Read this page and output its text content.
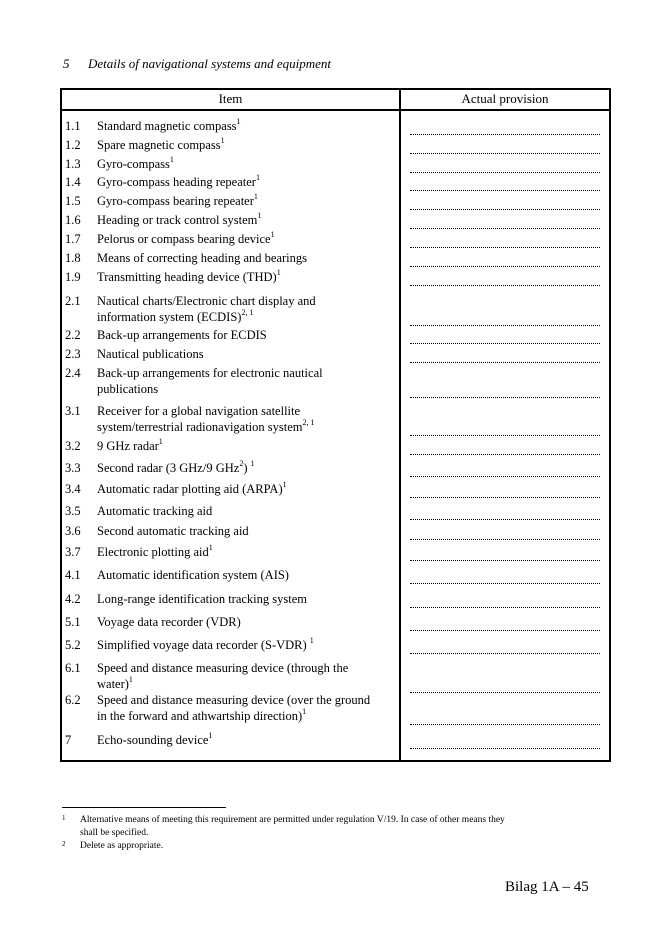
5 Details of navigational systems and equipment
Item	Actual provision
1.1 Standard magnetic compass$^1$
1.2 Spare magnetic compass$^1$
1.3 Gyro-compass$^1$
1.4 Gyro-compass heading repeater$^1$
1.5 Gyro-compass bearing repeater$^1$
1.6 Heading or track control system$^1$
1.7 Pelorus or compass bearing device$^1$
1.8 Means of correcting heading and bearings
1.9 Transmitting heading device (THD)$^1$
2.1 Nautical charts/Electronic chart display and
information system (ECDIS)$^{2, 1}$
2.2 Back-up arrangements for ECDIS
2.3 Nautical publications
2.4 Back-up arrangements for electronic nautical
publications
3.1 Receiver for a global navigation satellite
system/terrestrial radionavigation system$^{2, 1}$
3.2 9 GHz radar$^1$
3.3 Second radar (3 GHz/9 GHz$^2$) $^1$
3.4 Automatic radar plotting aid (ARPA)$^1$
3.5 Automatic tracking aid
3.6 Second automatic tracking aid
3.7 Electronic plotting aid$^1$
4.1 Automatic identification system (AIS)
4.2 Long-range identification tracking system
5.1 Voyage data recorder (VDR)
5.2 Simplified voyage data recorder (S-VDR) $^1$
6.1 Speed and distance measuring device (through the
water)$^1$
6.2 Speed and distance measuring device (over the ground
in the forward and athwartship direction)$^1$
7 Echo-sounding device$^1$
1 Alternative means of meeting this requirement are permitted under regulation V/19. In case of other means they
shall be specified.
2 Delete as appropriate.
Bilag 1A – 45
